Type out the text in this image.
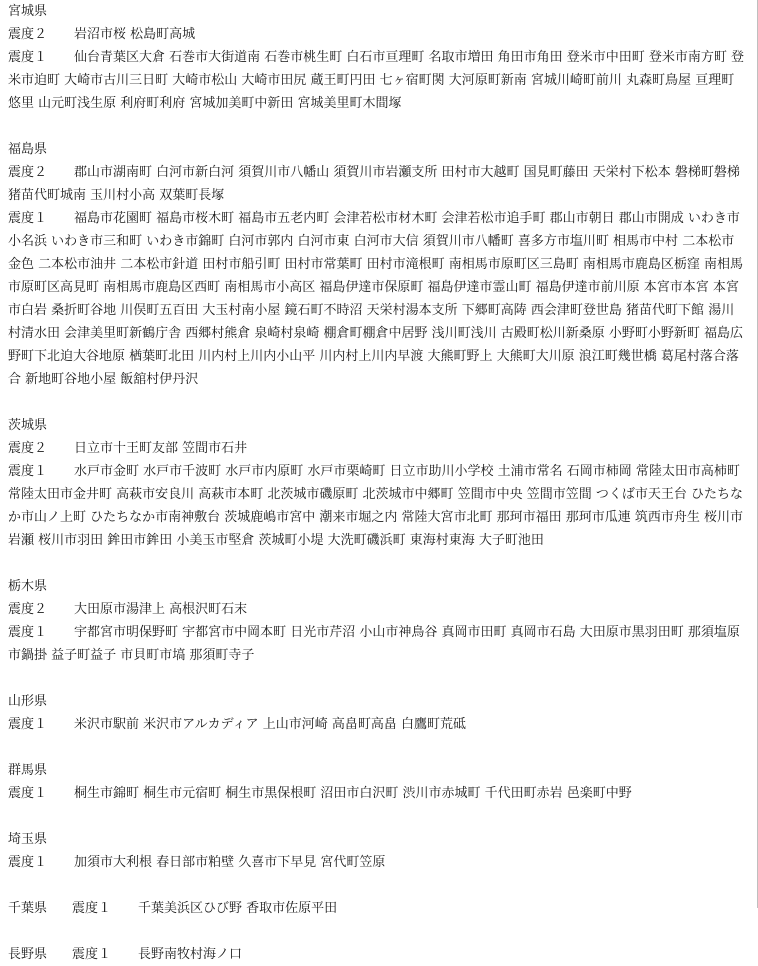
宮城県

震度２ 岩沼市桜 松島町高城

震度１ 仙台青葉区大倉 石巻市大街道南 石巻市桃生町 白石市亘理町 名取市増田 角田市角田 登米市中田町 登米市南方町 登米市迫町 大崎市古川三日町 大崎市松山 大崎市田尻 蔵王町円田 七ヶ宿町関 大河原町新南 宮城川崎町前川 丸森町鳥屋 亘理町悠里 山元町浅生原 利府町利府 宮城加美町中新田 宮城美里町木間塚

福島県

震度２ 郡山市湖南町 白河市新白河 須賀川市八幡山 須賀川市岩瀬支所 田村市大越町 国見町藤田 天栄村下松本 磐梯町磐梯 猪苗代町城南 玉川村小高 双葉町長塚

震度１ 福島市花園町 福島市桜木町 福島市五老内町 会津若松市材木町 会津若松市追手町 郡山市朝日 郡山市開成 いわき市小名浜 いわき市三和町 いわき市錦町 白河市郭内 白河市東 白河市大信 須賀川市八幡町 喜多方市塩川町 相馬市中村 二本松市金色 二本松市油井 二本松市針道 田村市船引町 田村市常葉町 田村市滝根町 南相馬市原町区三島町 南相馬市鹿島区栃窪 南相馬市原町区高見町 南相馬市鹿島区西町 南相馬市小高区 福島伊達市保原町 福島伊達市霊山町 福島伊達市前川原 本宮市本宮 本宮市白岩 桑折町谷地 川俣町五百田 大玉村南小屋 鏡石町不時沼 天栄村湯本支所 下郷町高陦 西会津町登世島 猪苗代町下館 湯川村清水田 会津美里町新鶴庁舎 西郷村熊倉 泉崎村泉崎 棚倉町棚倉中居野 浅川町浅川 古殿町松川新桑原 小野町小野新町 福島広野町下北迫大谷地原 楢葉町北田 川内村上川内小山平 川内村上川内早渡 大熊町野上 大熊町大川原 浪江町幾世橋 葛尾村落合落合 新地町谷地小屋 飯舘村伊丹沢

茨城県

震度２ 日立市十王町友部 笠間市石井

震度１ 水戸市金町 水戸市千波町 水戸市内原町 水戸市栗崎町 日立市助川小学校 土浦市常名 石岡市柿岡 常陸太田市高柿町 常陸太田市金井町 高萩市安良川 高萩市本町 北茨城市磯原町 北茨城市中郷町 笠間市中央 笠間市笠間 つくば市天王台 ひたちなか市山ノ上町 ひたちなか市南神敷台 茨城鹿嶋市宮中 潮来市堀之内 常陸大宮市北町 那珂市福田 那珂市瓜連 筑西市舟生 桜川市岩瀬 桜川市羽田 鉾田市鉾田 小美玉市堅倉 茨城町小堤 大洗町磯浜町 東海村東海 大子町池田

栃木県

震度２ 大田原市湯津上 高根沢町石末

震度１ 宇都宮市明保野町 宇都宮市中岡本町 日光市芹沼 小山市神鳥谷 真岡市田町 真岡市石島 大田原市黒羽田町 那須塩原市鍋掛 益子町益子 市貝町市塙 那須町寺子

山形県

震度１ 米沢市駅前 米沢市アルカディア 上山市河崎 高畠町高畠 白鷹町荒砥

群馬県

震度１ 桐生市錦町 桐生市元宿町 桐生市黒保根町 沼田市白沢町 渋川市赤城町 千代田町赤岩 邑楽町中野

埼玉県

震度１ 加須市大利根 春日部市粕壁 久喜市下早見 宮代町笠原

千葉県 震度１ 千葉美浜区ひび野 香取市佐原平田

長野県 震度１ 長野南牧村海ノ口
